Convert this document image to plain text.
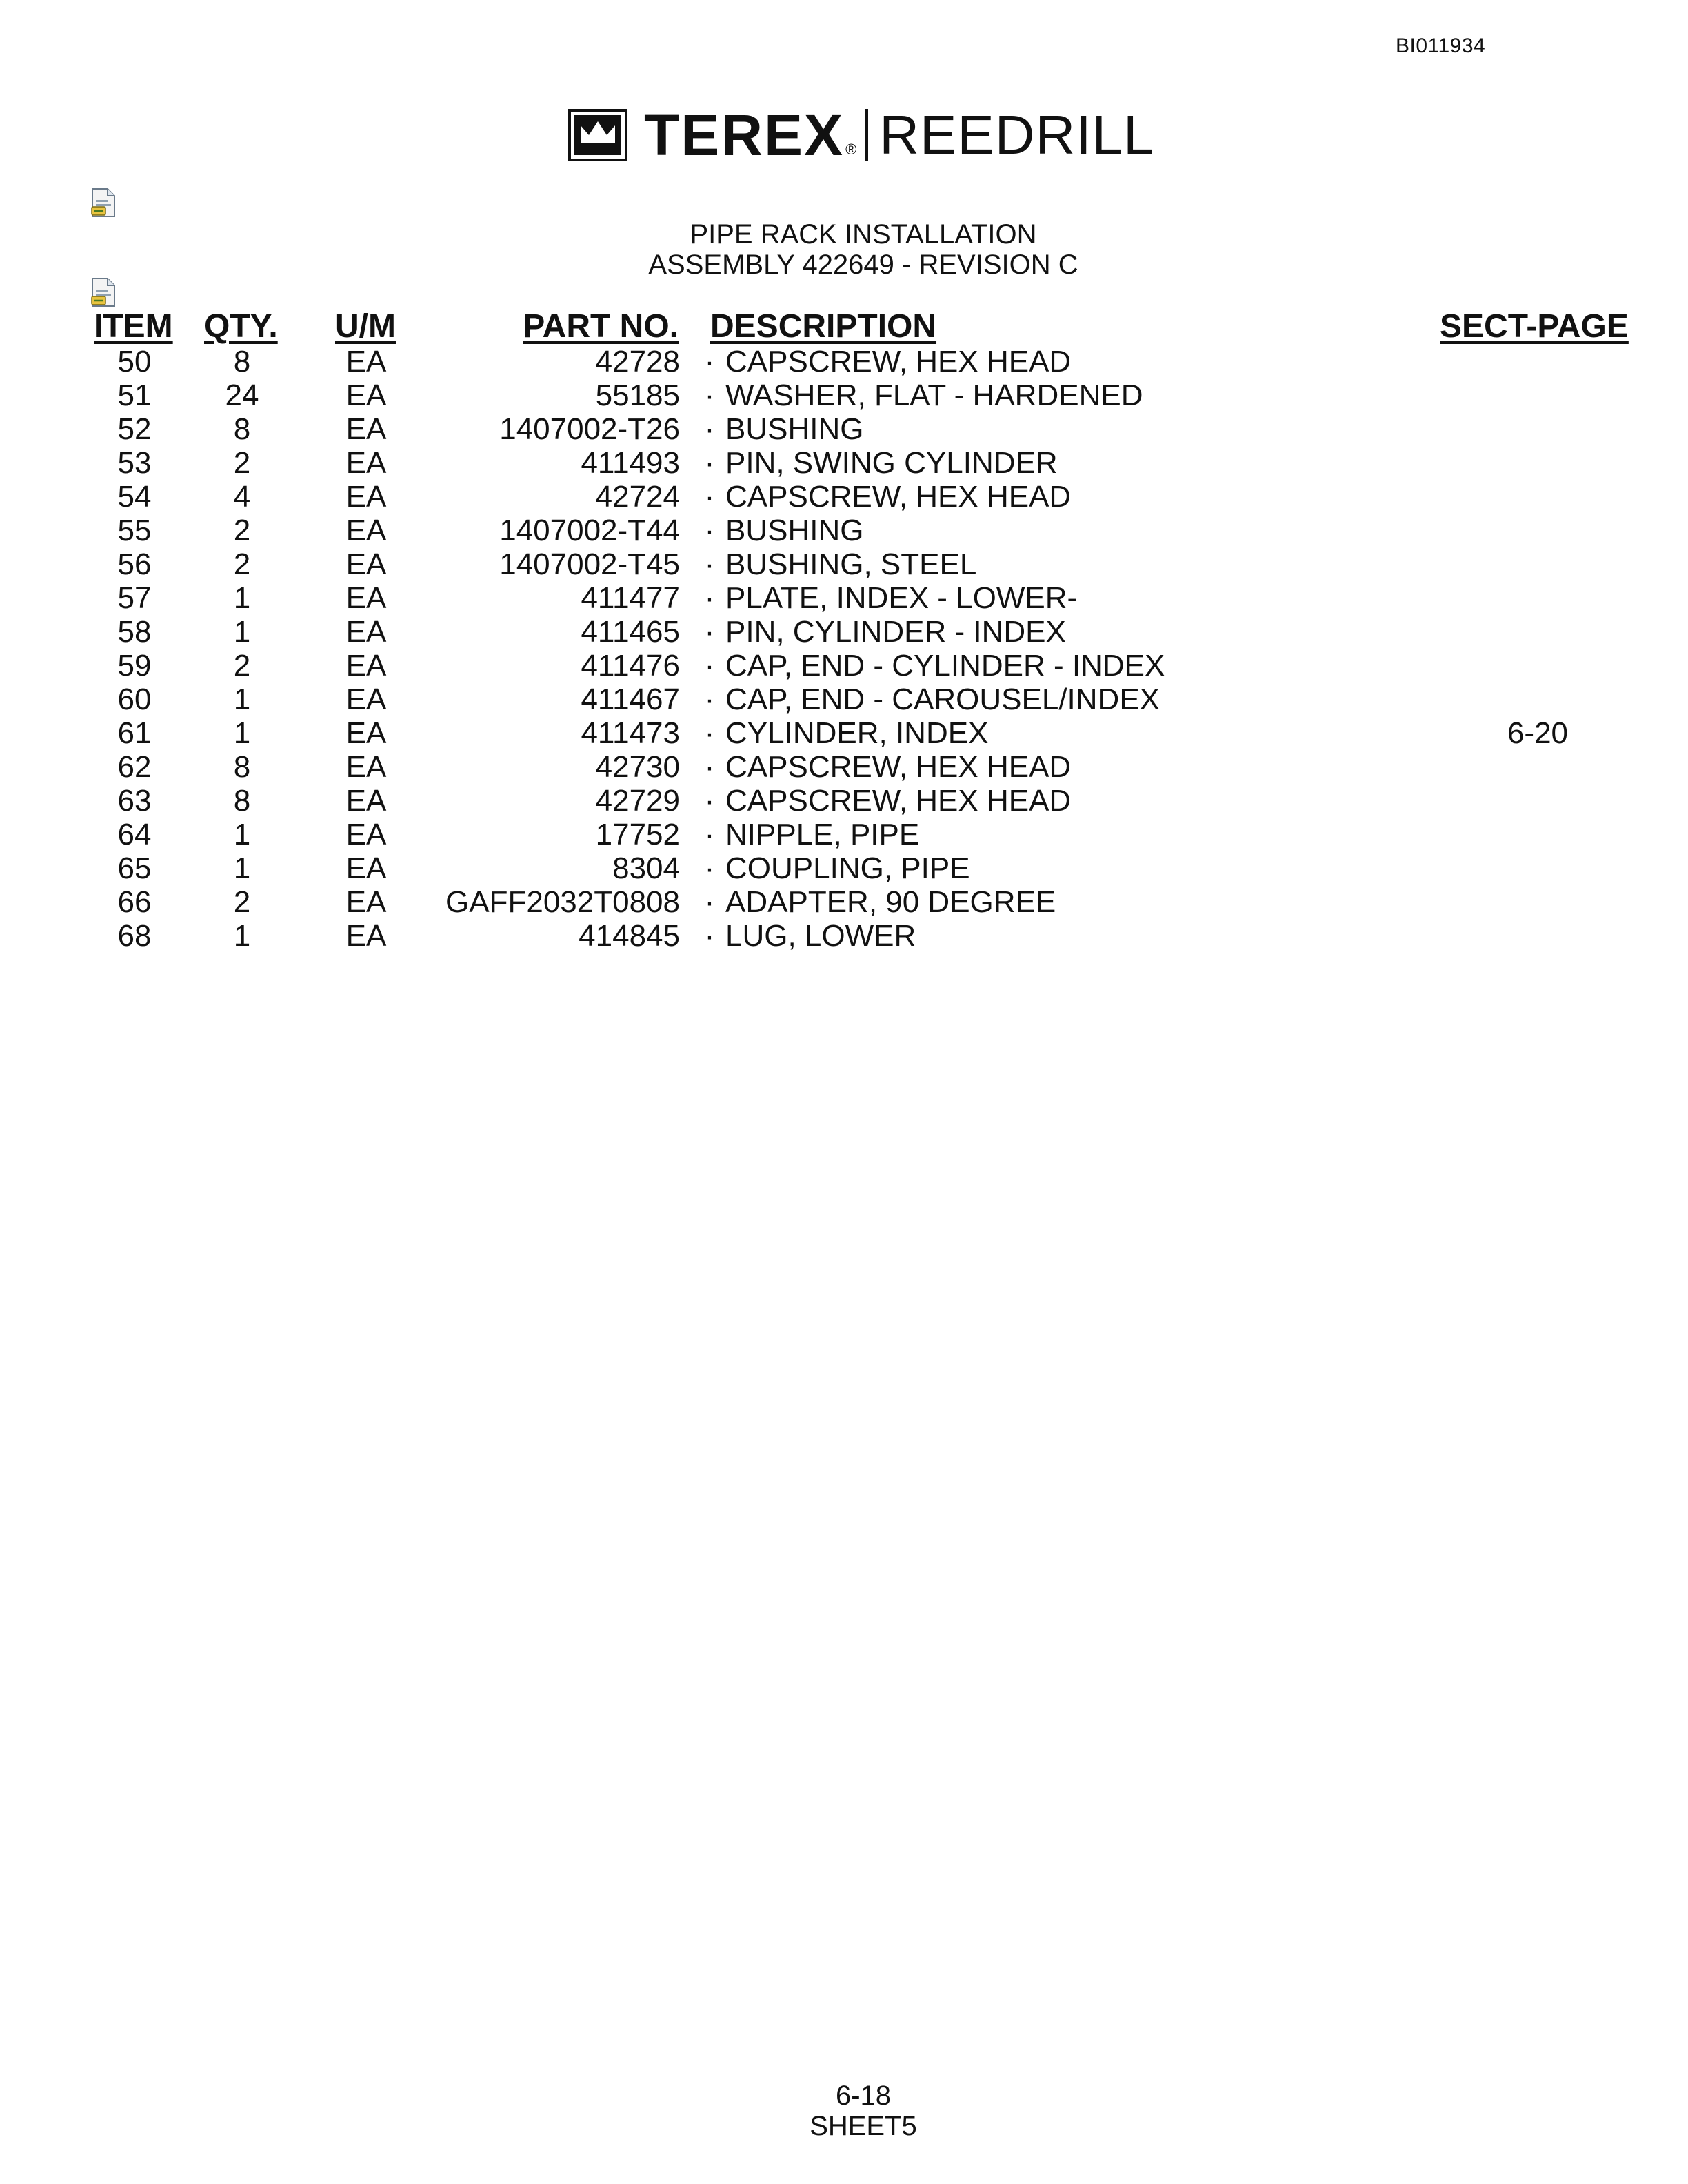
BI011934
TEREX ® REEDRILL
PIPE RACK INSTALLATION
ASSEMBLY 422649 - REVISION C
ITEM QTY. U/M	PART NO. DESCRIPTION	SECT-PAGE
50	8	EA	42728 · CAPSCREW, HEX HEAD
51	24	EA	55185 · WASHER, FLAT - HARDENED
52	8	EA	1407002-T26 · BUSHING
53	2	EA	411493 · PIN, SWING CYLINDER
54	4	EA	42724 · CAPSCREW, HEX HEAD
55	2	EA	1407002-T44 · BUSHING
56	2	EA	1407002-T45 · BUSHING, STEEL
57	1	EA	411477 · PLATE, INDEX - LOWER-
58	1	EA	411465 · PIN, CYLINDER - INDEX
59	2	EA	411476 · CAP, END - CYLINDER - INDEX
60	1	EA	411467 · CAP, END - CAROUSEL/INDEX
61	1	EA	411473 · CYLINDER, INDEX	6-20
62	8	EA	42730 · CAPSCREW, HEX HEAD
63	8	EA	42729 · CAPSCREW, HEX HEAD
64	1	EA	17752 · NIPPLE, PIPE
65	1	EA	8304 · COUPLING, PIPE
66	2	EA	GAFF2032T0808 · ADAPTER, 90 DEGREE
68	1	EA	414845 · LUG, LOWER
6-18
SHEET5
